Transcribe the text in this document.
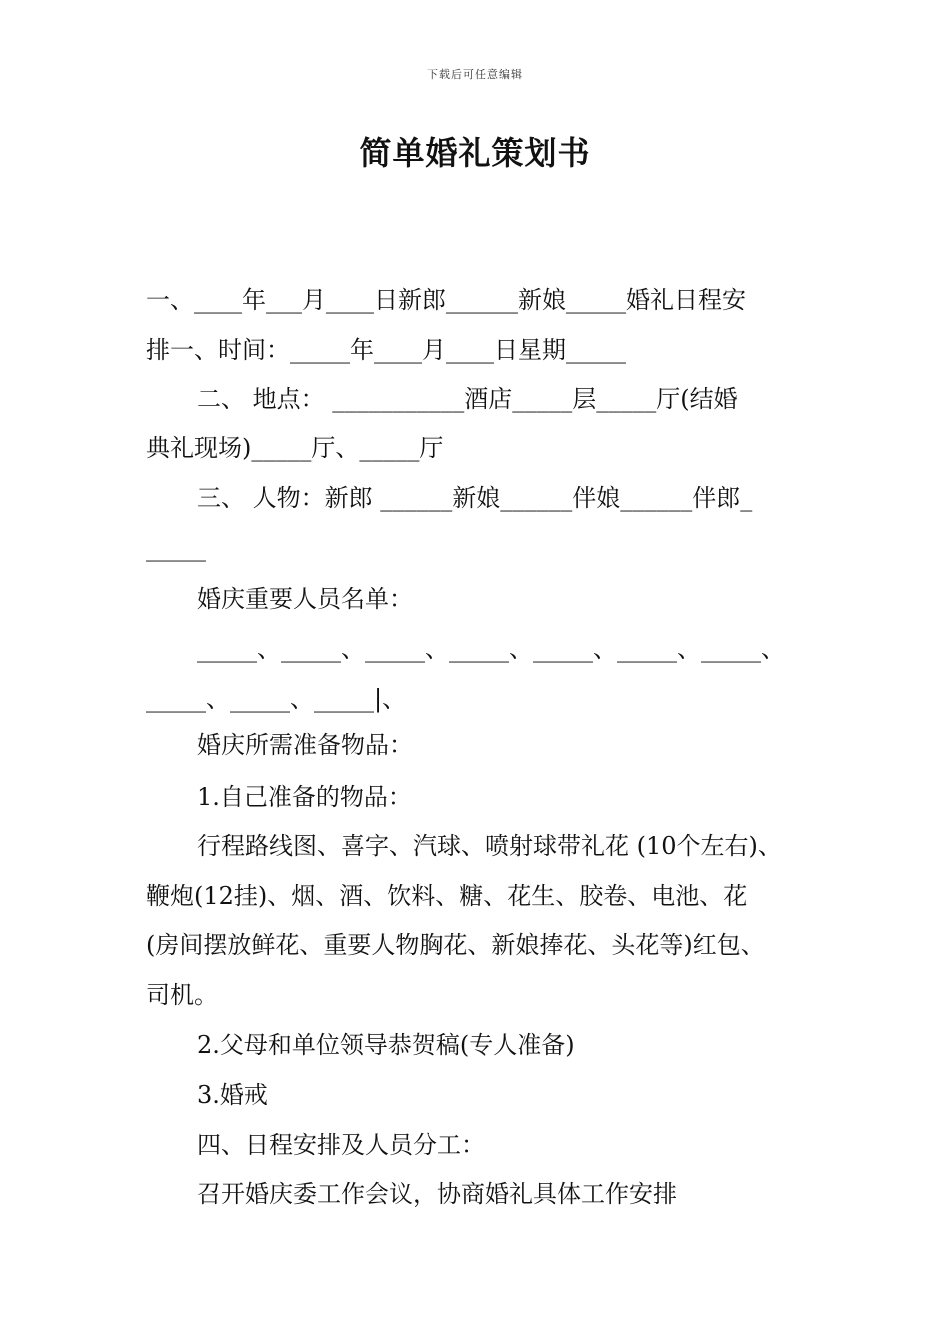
下载后可任意编辑
简单婚礼策划书
一、____年___月____日新郎______新娘_____婚礼日程安
排一、时间：_____年____月____日星期_____
二、 地点： ___________酒店_____层_____厅(结婚
典礼现场)_____厅、_____厅
三、 人物：新郎 ______新娘______伴娘______伴郎_
_____
婚庆重要人员名单：
_____、_____、_____、_____、_____、_____、_____、
_____、_____、_____|、
婚庆所需准备物品：
1.自己准备的物品：
行程路线图、喜字、汽球、喷射球带礼花 (10个左右)、
鞭炮(12挂)、烟、酒、饮料、糖、花生、胶卷、电池、花
(房间摆放鲜花、重要人物胸花、新娘捧花、头花等)红包、
司机。
2.父母和单位领导恭贺稿(专人准备)
3.婚戒
四、日程安排及人员分工：
召开婚庆委工作会议，协商婚礼具体工作安排
